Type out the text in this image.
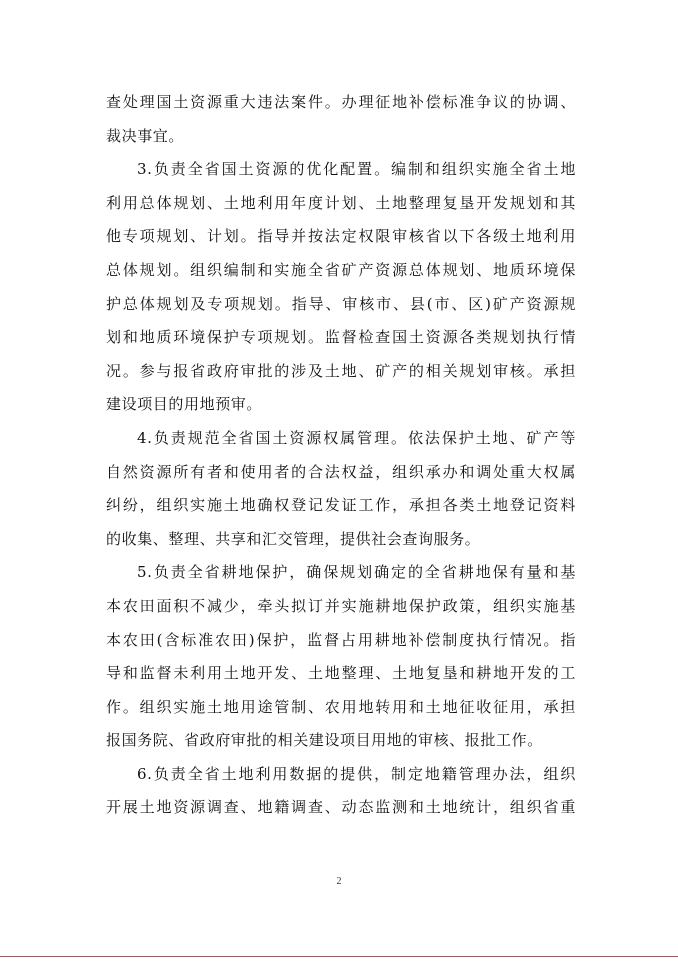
查处理国土资源重大违法案件。办理征地补偿标准争议的协调、
裁决事宜。
3.负责全省国土资源的优化配置。编制和组织实施全省土地
利用总体规划、土地利用年度计划、土地整理复垦开发规划和其
他专项规划、计划。指导并按法定权限审核省以下各级土地利用
总体规划。组织编制和实施全省矿产资源总体规划、地质环境保
护总体规划及专项规划。指导、审核市、县(市、区)矿产资源规
划和地质环境保护专项规划。监督检查国土资源各类规划执行情
况。参与报省政府审批的涉及土地、矿产的相关规划审核。承担
建设项目的用地预审。
4.负责规范全省国土资源权属管理。依法保护土地、矿产等
自然资源所有者和使用者的合法权益，组织承办和调处重大权属
纠纷，组织实施土地确权登记发证工作，承担各类土地登记资料
的收集、整理、共享和汇交管理，提供社会查询服务。
5.负责全省耕地保护，确保规划确定的全省耕地保有量和基
本农田面积不减少，牵头拟订并实施耕地保护政策，组织实施基
本农田(含标准农田)保护，监督占用耕地补偿制度执行情况。指
导和监督未利用土地开发、土地整理、土地复垦和耕地开发的工
作。组织实施土地用途管制、农用地转用和土地征收征用，承担
报国务院、省政府审批的相关建设项目用地的审核、报批工作。
6.负责全省土地利用数据的提供，制定地籍管理办法，组织
开展土地资源调查、地籍调查、动态监测和土地统计，组织省重
2
